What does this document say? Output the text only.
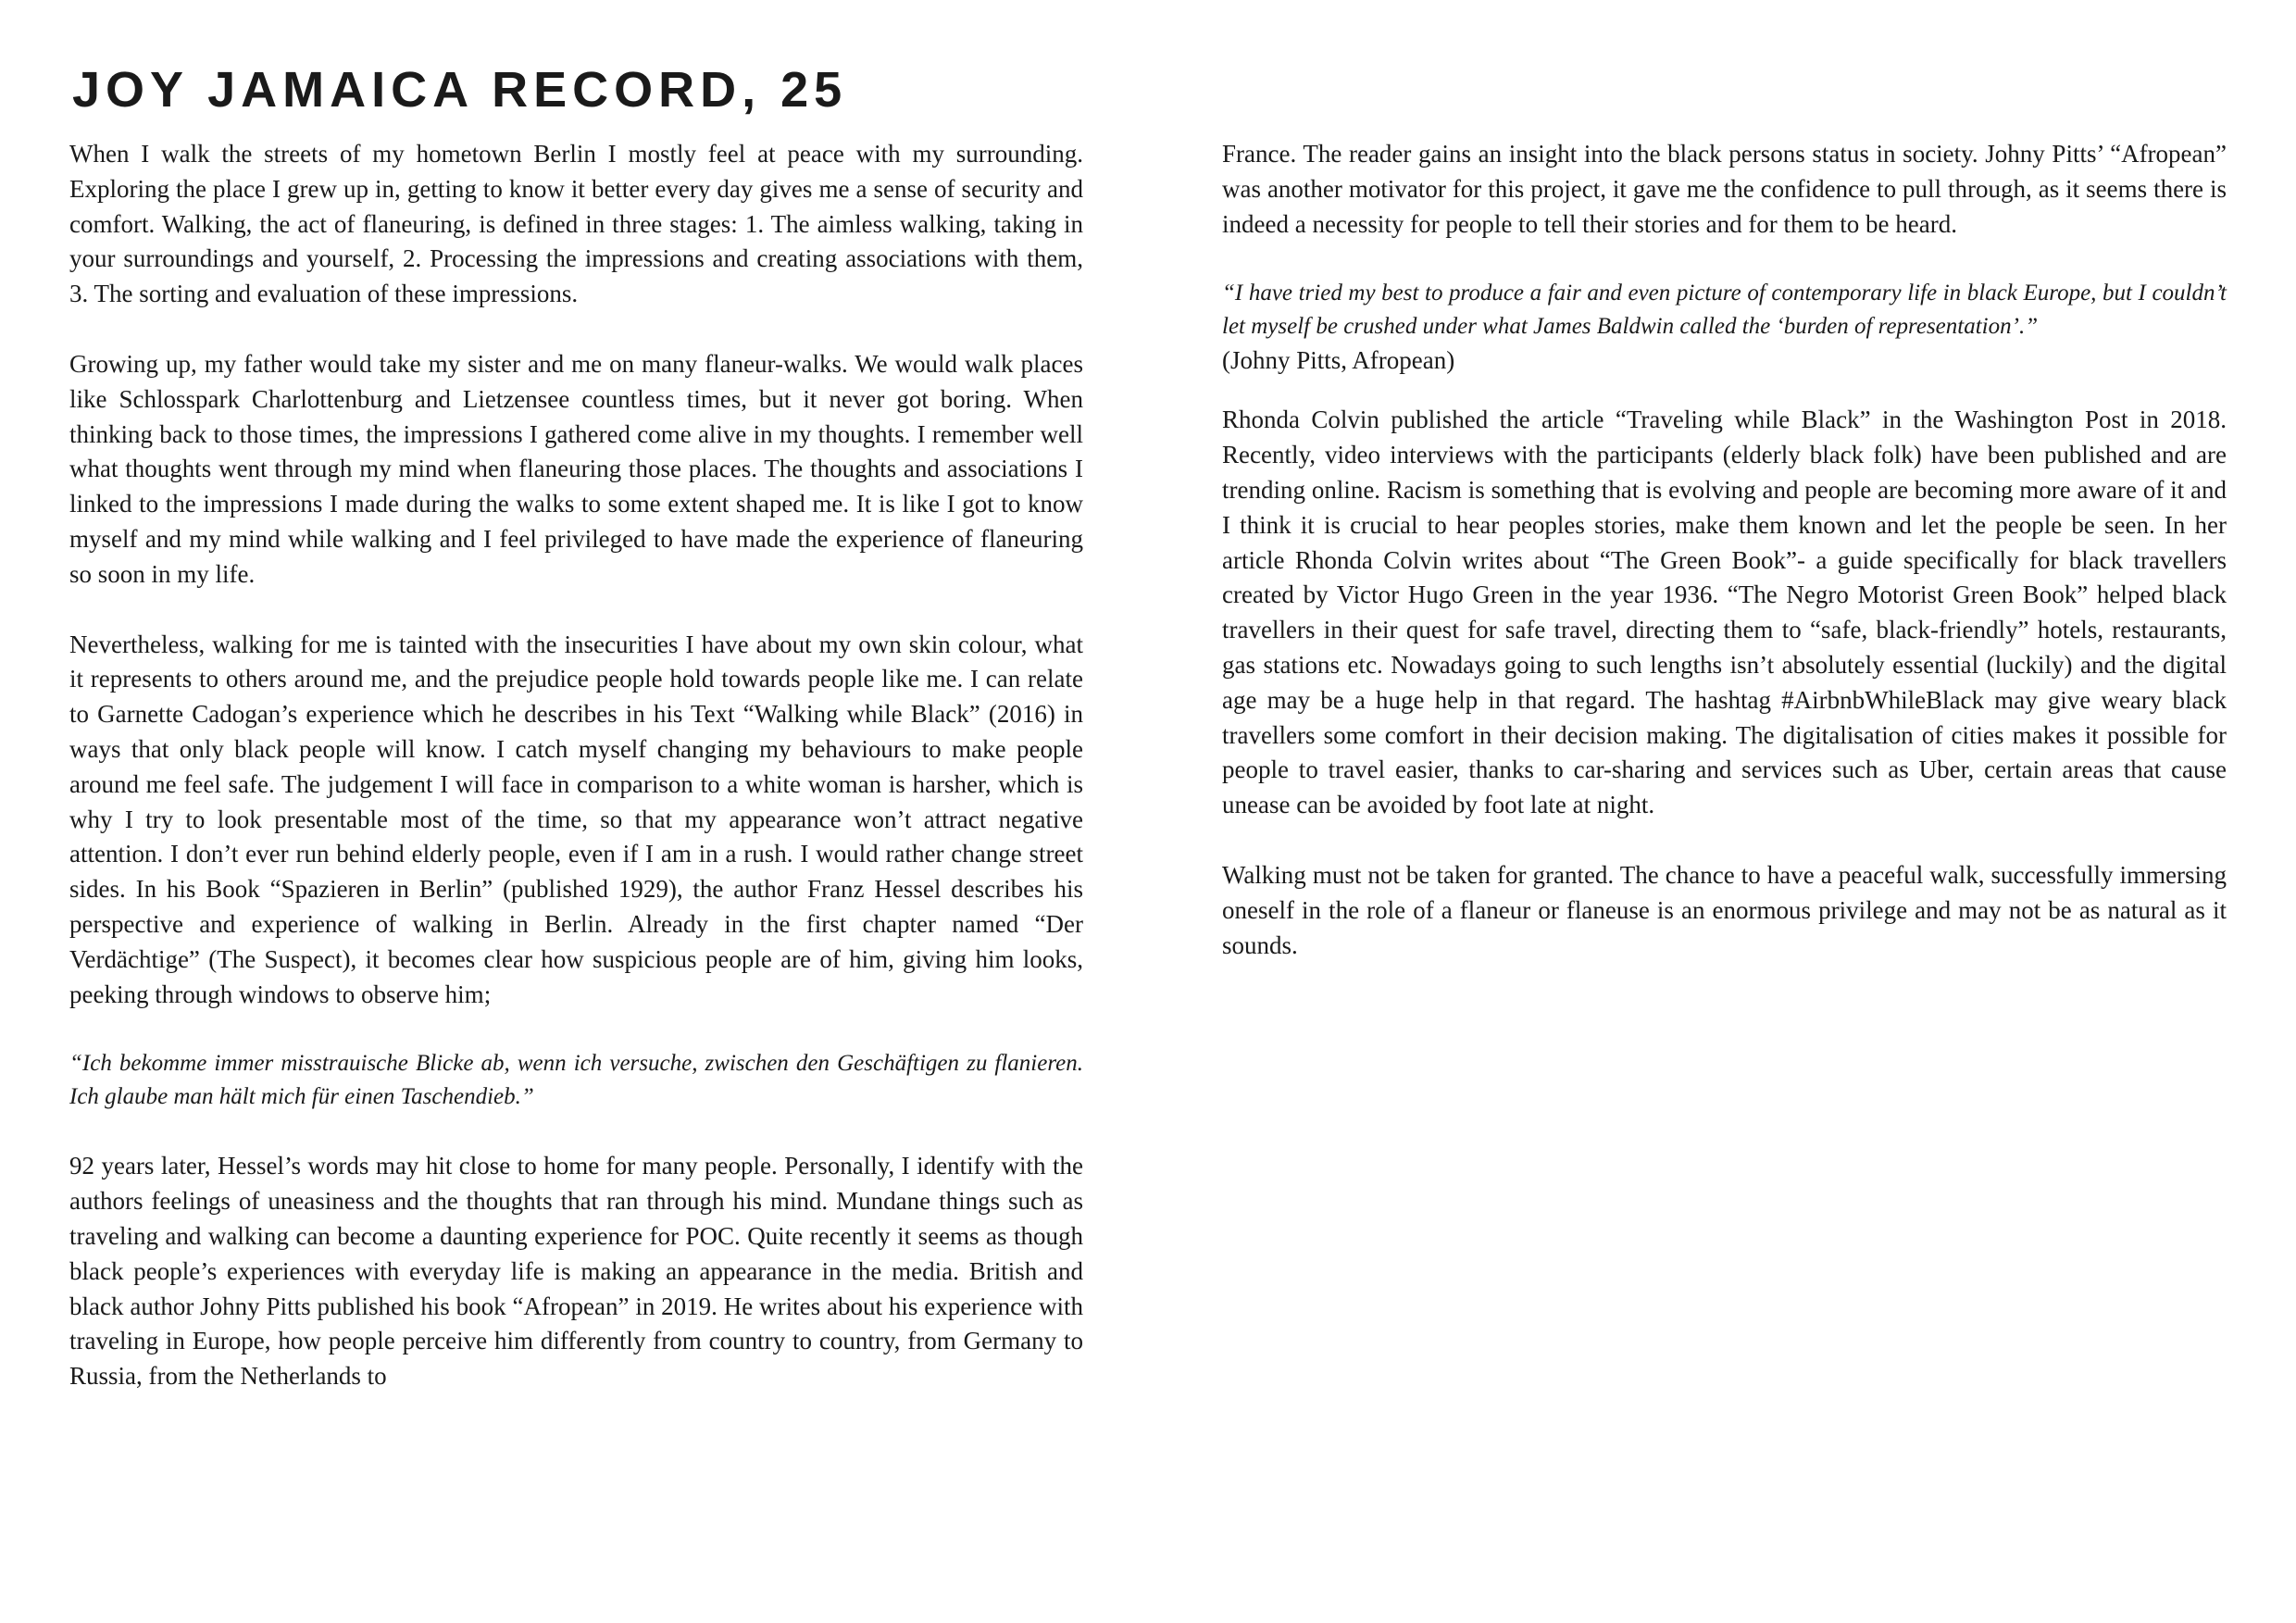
JOY JAMAICA RECORD, 25

When I walk the streets of my hometown Berlin I mostly feel at peace with my surrounding. Exploring the place I grew up in, getting to know it better every day gives me a sense of security and comfort. Walking, the act of flaneuring, is defined in three stages: 1. The aimless walking, taking in your surroundings and yourself, 2. Processing the impressions and creating associations with them, 3. The sorting and evaluation of these impressions.

Growing up, my father would take my sister and me on many flaneur-walks. We would walk places like Schlosspark Charlottenburg and Lietzensee countless times, but it never got boring. When thinking back to those times, the impressions I gathered come alive in my thoughts. I remember well what thoughts went through my mind when flaneuring those places. The thoughts and associations I linked to the impressions I made during the walks to some extent shaped me. It is like I got to know myself and my mind while walking and I feel privileged to have made the experience of flaneuring so soon in my life.

Nevertheless, walking for me is tainted with the insecurities I have about my own skin colour, what it represents to others around me, and the prejudice people hold towards people like me. I can relate to Garnette Cadogan’s experience which he describes in his Text “Walking while Black” (2016) in ways that only black people will know. I catch myself changing my behaviours to make people around me feel safe. The judgement I will face in comparison to a white woman is harsher, which is why I try to look presentable most of the time, so that my appearance won’t attract negative attention. I don’t ever run behind elderly people, even if I am in a rush. I would rather change street sides. In his Book “Spazieren in Berlin” (published 1929), the author Franz Hessel describes his perspective and experience of walking in Berlin. Already in the first chapter named “Der Verdächtige” (The Suspect), it becomes clear how suspicious people are of him, giving him looks, peeking through windows to observe him;

“Ich bekomme immer misstrauische Blicke ab, wenn ich versuche, zwischen den Geschäftigen zu flanieren. Ich glaube man hält mich für einen Taschendieb.”

92 years later, Hessel’s words may hit close to home for many people. Personally, I identify with the authors feelings of uneasiness and the thoughts that ran through his mind. Mundane things such as traveling and walking can become a daunting experience for POC. Quite recently it seems as though black people’s experiences with everyday life is making an appearance in the media. British and black author Johny Pitts published his book “Afropean” in 2019. He writes about his experience with traveling in Europe, how people perceive him differently from country to country, from Germany to Russia, from the Netherlands to

France. The reader gains an insight into the black persons status in society. Johny Pitts’ “Afropean” was another motivator for this project, it gave me the confidence to pull through, as it seems there is indeed a necessity for people to tell their stories and for them to be heard.

“I have tried my best to produce a fair and even picture of contemporary life in black Europe, but I couldn’t let myself be crushed under what James Baldwin called the ‘burden of representation’.”
(Johny Pitts, Afropean)

Rhonda Colvin published the article “Traveling while Black” in the Washington Post in 2018. Recently, video interviews with the participants (elderly black folk) have been published and are trending online. Racism is something that is evolving and people are becoming more aware of it and I think it is crucial to hear peoples stories, make them known and let the people be seen. In her article Rhonda Colvin writes about “The Green Book”- a guide specifically for black travellers created by Victor Hugo Green in the year 1936. “The Negro Motorist Green Book” helped black travellers in their quest for safe travel, directing them to “safe, black-friendly” hotels, restaurants, gas stations etc. Nowadays going to such lengths isn’t absolutely essential (luckily) and the digital age may be a huge help in that regard. The hashtag #AirbnbWhileBlack may give weary black travellers some comfort in their decision making. The digitalisation of cities makes it possible for people to travel easier, thanks to car-sharing and services such as Uber, certain areas that cause unease can be avoided by foot late at night.

Walking must not be taken for granted. The chance to have a peaceful walk, successfully immersing oneself in the role of a flaneur or flaneuse is an enormous privilege and may not be as natural as it sounds.
